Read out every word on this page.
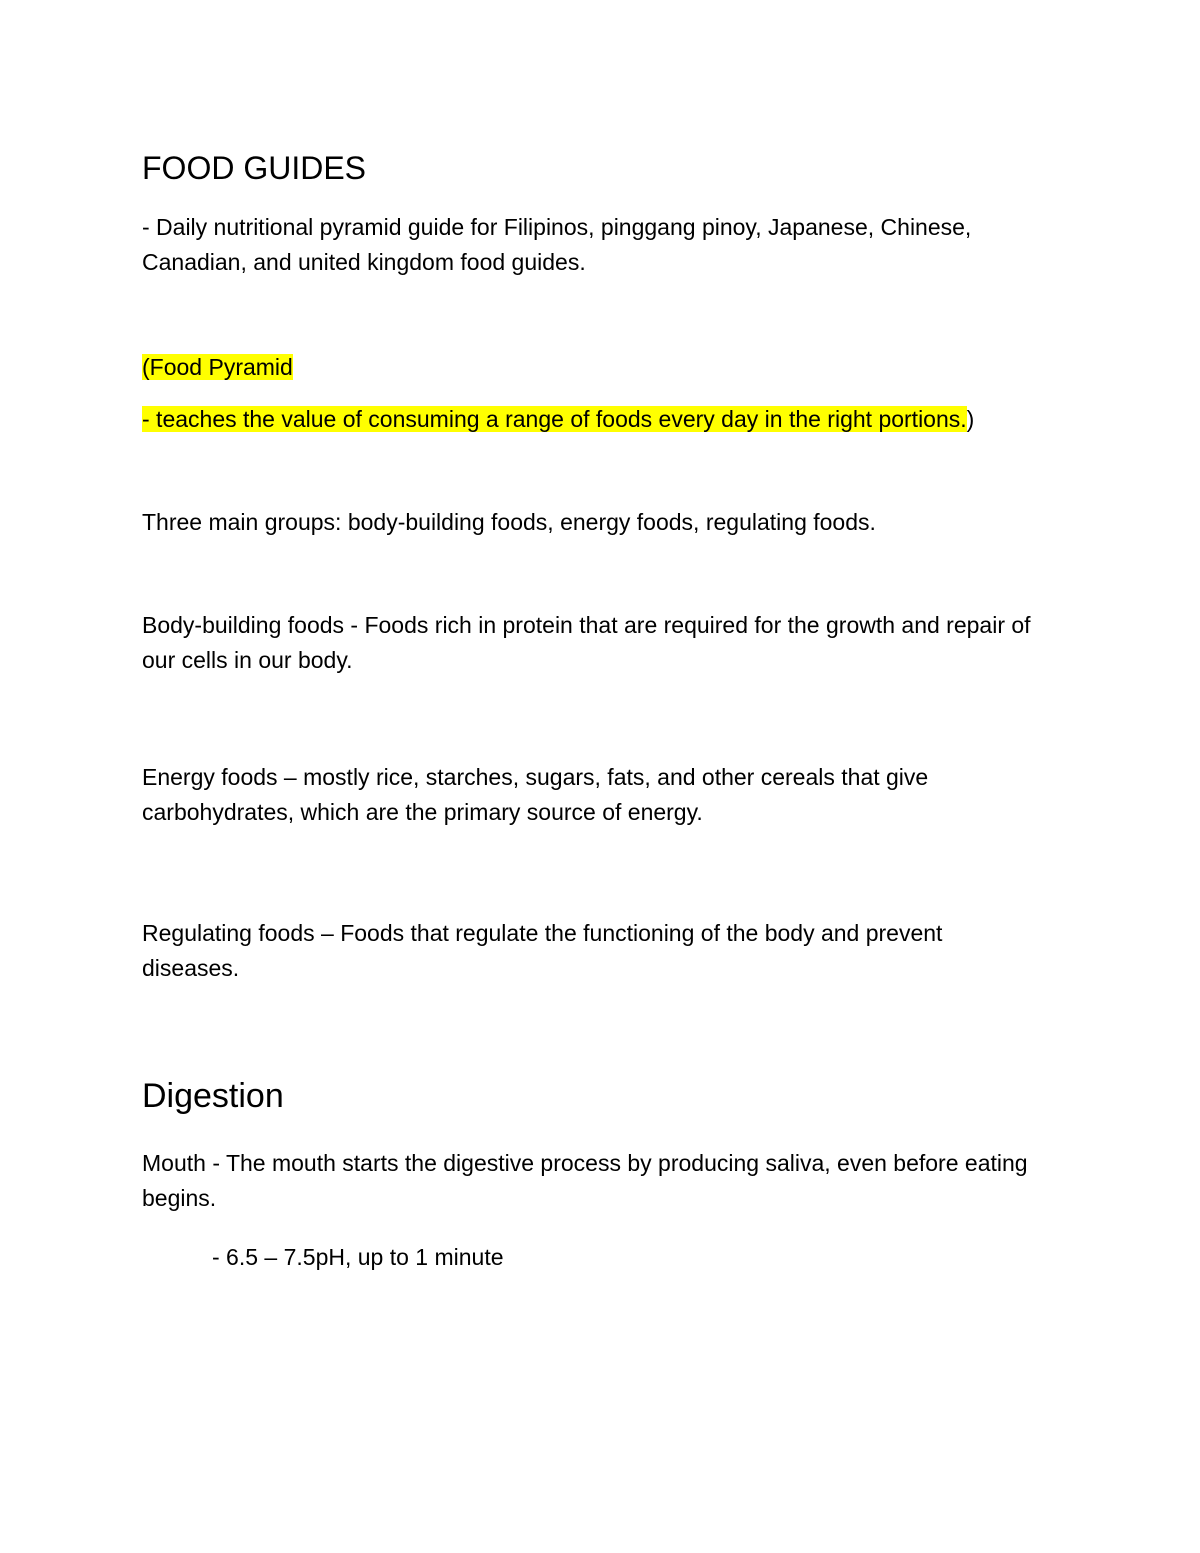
FOOD GUIDES
- Daily nutritional pyramid guide for Filipinos, pinggang pinoy, Japanese, Chinese, Canadian, and united kingdom food guides.
(Food Pyramid
- teaches the value of consuming a range of foods every day in the right portions.)
Three main groups: body-building foods, energy foods, regulating foods.
Body-building foods - Foods rich in protein that are required for the growth and repair of our cells in our body.
Energy foods – mostly rice, starches, sugars, fats, and other cereals that give carbohydrates, which are the primary source of energy.
Regulating foods – Foods that regulate the functioning of the body and prevent diseases.
Digestion
Mouth - The mouth starts the digestive process by producing saliva, even before eating begins.
- 6.5 – 7.5pH, up to 1 minute
